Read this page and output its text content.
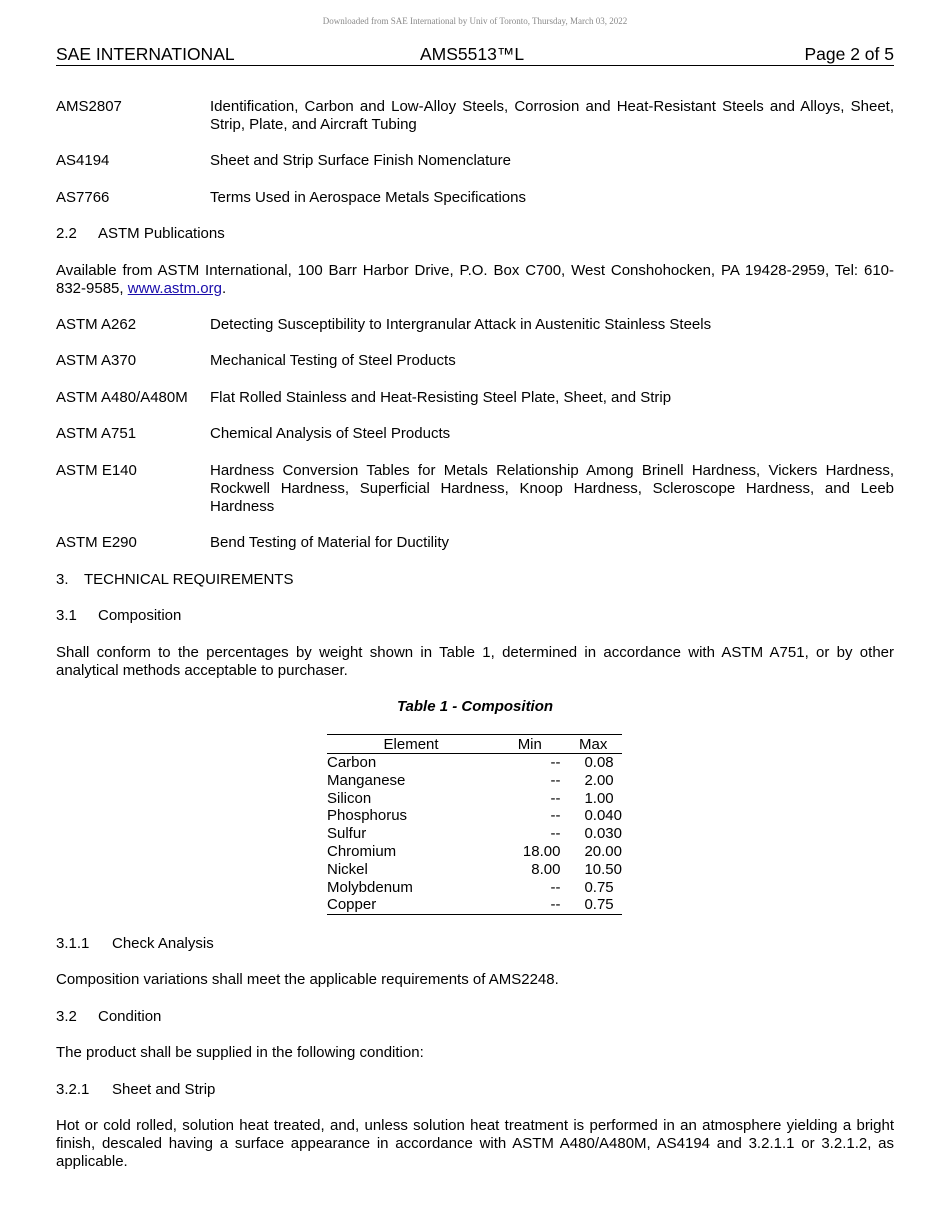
Downloaded from SAE International by Univ of Toronto, Thursday, March 03, 2022
SAE INTERNATIONAL	AMS5513™L	Page 2 of 5
AMS2807	Identification, Carbon and Low-Alloy Steels, Corrosion and Heat-Resistant Steels and Alloys, Sheet, Strip, Plate, and Aircraft Tubing
AS4194	Sheet and Strip Surface Finish Nomenclature
AS7766	Terms Used in Aerospace Metals Specifications
2.2 ASTM Publications
Available from ASTM International, 100 Barr Harbor Drive, P.O. Box C700, West Conshohocken, PA 19428-2959, Tel: 610-832-9585, www.astm.org.
ASTM A262	Detecting Susceptibility to Intergranular Attack in Austenitic Stainless Steels
ASTM A370	Mechanical Testing of Steel Products
ASTM A480/A480M Flat Rolled Stainless and Heat-Resisting Steel Plate, Sheet, and Strip
ASTM A751	Chemical Analysis of Steel Products
ASTM E140	Hardness Conversion Tables for Metals Relationship Among Brinell Hardness, Vickers Hardness, Rockwell Hardness, Superficial Hardness, Knoop Hardness, Scleroscope Hardness, and Leeb Hardness
ASTM E290	Bend Testing of Material for Ductility
3. TECHNICAL REQUIREMENTS
3.1 Composition
Shall conform to the percentages by weight shown in Table 1, determined in accordance with ASTM A751, or by other analytical methods acceptable to purchaser.
Table 1 - Composition
Element	Min	Max
Carbon	--	0.08
Manganese	--	2.00
Silicon	--	1.00
Phosphorus	--	0.040
Sulfur	--	0.030
Chromium	18.00	20.00
Nickel	8.00	10.50
Molybdenum	--	0.75
Copper	--	0.75
3.1.1 Check Analysis
Composition variations shall meet the applicable requirements of AMS2248.
3.2 Condition
The product shall be supplied in the following condition:
3.2.1 Sheet and Strip
Hot or cold rolled, solution heat treated, and, unless solution heat treatment is performed in an atmosphere yielding a bright finish, descaled having a surface appearance in accordance with ASTM A480/A480M, AS4194 and 3.2.1.1 or 3.2.1.2, as applicable.
